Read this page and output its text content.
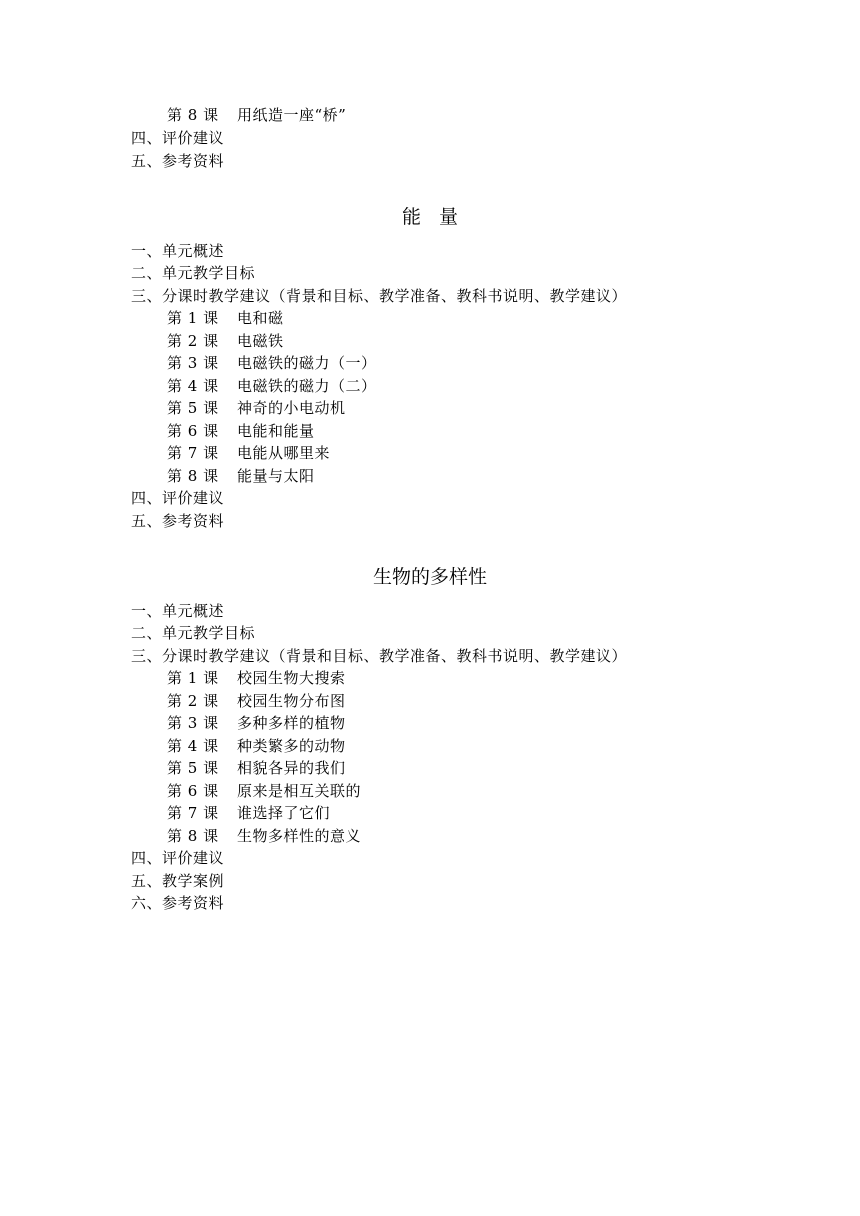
第 8 课 用纸造一座“桥”
四、评价建议
五、参考资料
能量
一、单元概述
二、单元教学目标
三、分课时教学建议（背景和目标、教学准备、教科书说明、教学建议）
第 1 课 电和磁
第 2 课 电磁铁
第 3 课 电磁铁的磁力（一）
第 4 课 电磁铁的磁力（二）
第 5 课 神奇的小电动机
第 6 课 电能和能量
第 7 课 电能从哪里来
第 8 课 能量与太阳
四、评价建议
五、参考资料
生物的多样性
一、单元概述
二、单元教学目标
三、分课时教学建议（背景和目标、教学准备、教科书说明、教学建议）
第 1 课 校园生物大搜索
第 2 课 校园生物分布图
第 3 课 多种多样的植物
第 4 课 种类繁多的动物
第 5 课 相貌各异的我们
第 6 课 原来是相互关联的
第 7 课 谁选择了它们
第 8 课 生物多样性的意义
四、评价建议
五、教学案例
六、参考资料
